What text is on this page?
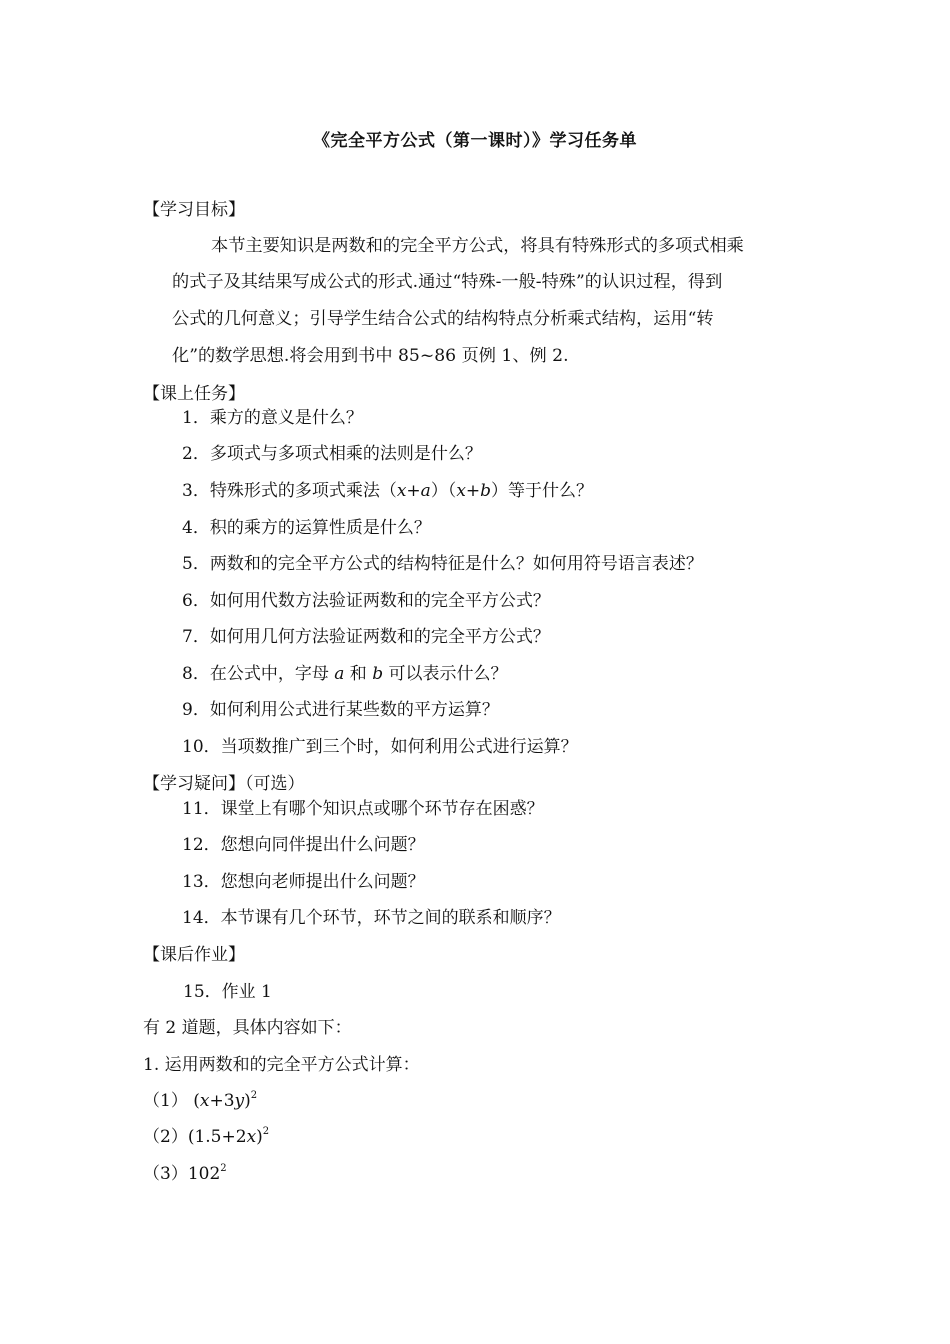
《完全平方公式（第一课时）》学习任务单
【学习目标】
本节主要知识是两数和的完全平方公式，将具有特殊形式的多项式相乘
的式子及其结果写成公式的形式.通过“特殊-一般-特殊”的认识过程，得到
公式的几何意义；引导学生结合公式的结构特点分析乘式结构，运用“转
化”的数学思想.将会用到书中 85~86 页例 1、例 2.
【课上任务】
1．乘方的意义是什么？
2．多项式与多项式相乘的法则是什么？
3．特殊形式的多项式乘法（x+a）（x+b）等于什么？
4．积的乘方的运算性质是什么？
5．两数和的完全平方公式的结构特征是什么？如何用符号语言表述？
6．如何用代数方法验证两数和的完全平方公式？
7．如何用几何方法验证两数和的完全平方公式？
8．在公式中，字母 a 和 b 可以表示什么？
9．如何利用公式进行某些数的平方运算？
10．当项数推广到三个时，如何利用公式进行运算？
【学习疑问】（可选）
11．课堂上有哪个知识点或哪个环节存在困惑？
12．您想向同伴提出什么问题？
13．您想向老师提出什么问题？
14．本节课有几个环节，环节之间的联系和顺序？
【课后作业】
15．作业 1
有 2 道题，具体内容如下：
1. 运用两数和的完全平方公式计算：
（1） $(x+3y)^2$
$(2)(1.5+2x)^2$
$(3)102^2$
